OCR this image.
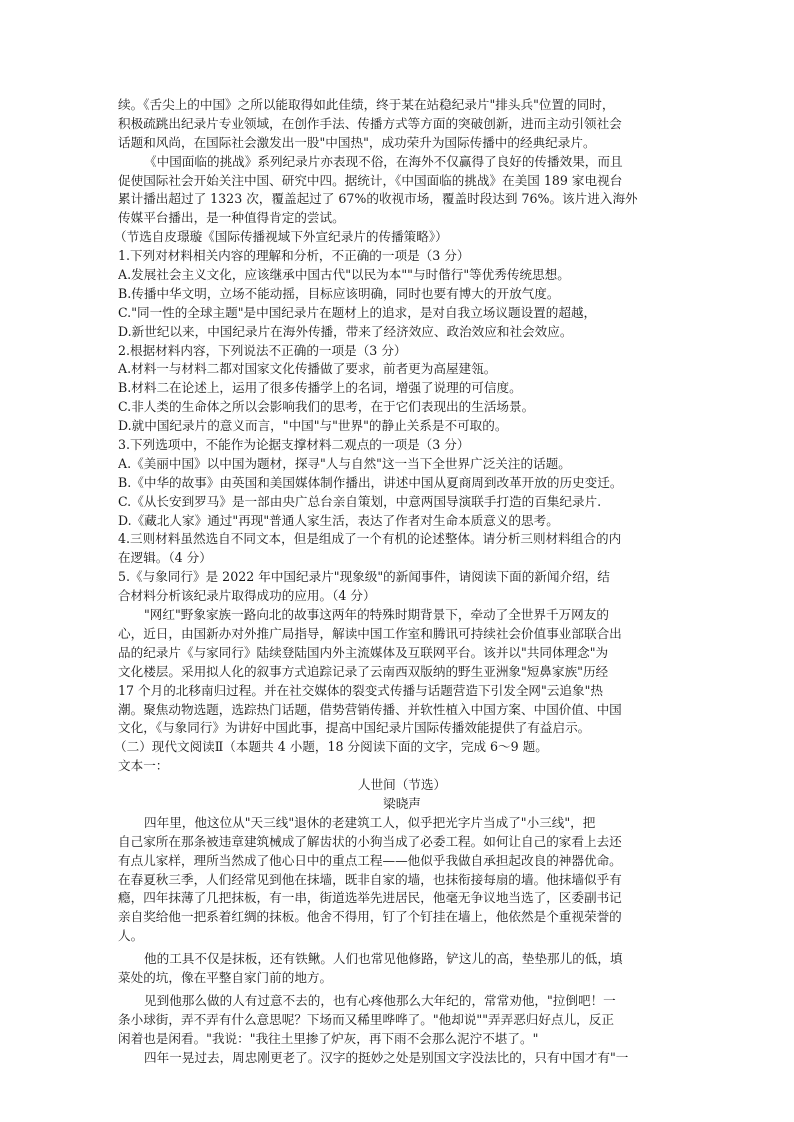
续。《舌尖上的中国》之所以能取得如此佳绩，终于某在站稳纪录片"排头兵"位置的同时，
积极疏跳出纪录片专业领域，在创作手法、传播方式等方面的突破创新，进而主动引领社会
话题和风尚，在国际社会激发出一股"中国热"，成功荣升为国际传播中的经典纪录片。
《中国面临的挑战》系列纪录片亦表现不俗，在海外不仅赢得了良好的传播效果，而且
促使国际社会开始关注中国、研究中四。据统计，《中国面临的挑战》在美国 189 家电视台
累计播出超过了 1323 次，覆盖起过了 67%的收视市场，覆盖时段达到 76%。该片进入海外
传媒平台播出，是一种值得肯定的尝试。
（节选自皮璟璇《国际传播视域下外宣纪录片的传播策略》）
1.下列对材料相关内容的理解和分析，不正确的一项是（3 分）
A.发展社会主义文化，应该继承中国古代"以民为本""与时偕行"等优秀传统思想。
B.传播中华文明，立场不能动摇，目标应该明确，同时也要有博大的开放气度。
C."同一性的全球主题"是中国纪录片在题材上的追求，是对自我立场议题设置的超越，
D.新世纪以来，中国纪录片在海外传播，带来了经济效应、政治效应和社会效应。
2.根据材料内容，下列说法不正确的一项是（3 分）
A.材料一与材料二都对国家文化传播做了要求，前者更为高屋建瓴。
B.材料二在论述上，运用了很多传播学上的名词，增强了说理的可信度。
C.非人类的生命体之所以会影响我们的思考，在于它们表现出的生活场景。
D.就中国纪录片的意义而言，"中国"与"世界"的静止关系是不可取的。
3.下列选项中，不能作为论据支撑材料二观点的一项是（3 分）
A.《美丽中国》以中国为题材，探寻"人与自然"这一当下全世界广泛关注的话题。
B.《中华的故事》由英国和美国媒体制作播出，讲述中国从夏商周到改革开放的历史变迁。
C.《从长安到罗马》是一部由央广总台亲自策划，中意两国导演联手打造的百集纪录片.
D.《藏北人家》通过"再现"普通人家生活，表达了作者对生命本质意义的思考。
4.三则材料虽然选自不同文本，但是组成了一个有机的论述整体。请分析三则材料组合的内
在逻辑。（4 分）
5.《与象同行》是 2022 年中国纪录片"现象级"的新闻事件，请阅读下面的新闻介绍，结
合材料分析该纪录片取得成功的应用。（4 分）
"网红"野象家族一路向北的故事这两年的特殊时期背景下，牵动了全世界千万网友的
心，近日，由国新办对外推广局指导，解读中国工作室和腾讯可持续社会价值事业部联合出
品的纪录片《与家同行》陆续登陆国内外主流媒体及互联网平台。该并以"共同体理念"为
文化楼层。采用拟人化的叙事方式追踪记录了云南西双版纳的野生亚洲象"短鼻家族"历经
17 个月的北移南归过程。并在社交媒体的裂变式传播与话题营造下引发全网"云追象"热
潮。聚焦动物选题，选踪热门话题，借势营销传播、并软性植入中国方案、中国价值、中国
文化，《与象同行》为讲好中国此事，提高中国纪录片国际传播效能提供了有益启示。
（二）现代文阅读Ⅱ（本题共 4 小题，18 分阅读下面的文字，完成 6～9 题。
文本一：
人世间（节选）
梁晓声
四年里，他这位从"天三线"退休的老建筑工人，似乎把光字片当成了"小三线"，把
自己家所在那条被违章建筑械成了解齿状的小狗当成了必委工程。如何让自己的家看上去还
有点儿家样，理所当然成了他心日中的重点工程——他似乎我做自承担起改良的神器优命。
在春夏秋三季，人们经常见到他在抹墙，既非自家的墙，也抹衔接每扇的墙。他抹墙似乎有
瘾，四年抹薄了几把抹板，有一串，街道选举先进居民，他毫无争议地当选了，区委副书记
亲自奖给他一把系着红绸的抹板。他舍不得用，钉了个钉挂在墙上，他依然是个重视荣誉的
人。
他的工具不仅是抹板，还有铁鳅。人们也常见他修路，铲这儿的高，垫垫那儿的低，填
菜处的坑，像在平整自家门前的地方。
见到他那么做的人有过意不去的，也有心疼他那么大年纪的，常常劝他，"拉倒吧！一
条小球街，弄不弄有什么意思呢？下场而又稀里哗哗了。"他却说""弄弄恶归好点儿，反正
闲着也是闲看。"我说："我往土里掺了炉灰，再下雨不会那么泥泞不堪了。"
四年一晃过去，周忠刚更老了。汉字的挺妙之处是别国文字没法比的，只有中国才有"一
